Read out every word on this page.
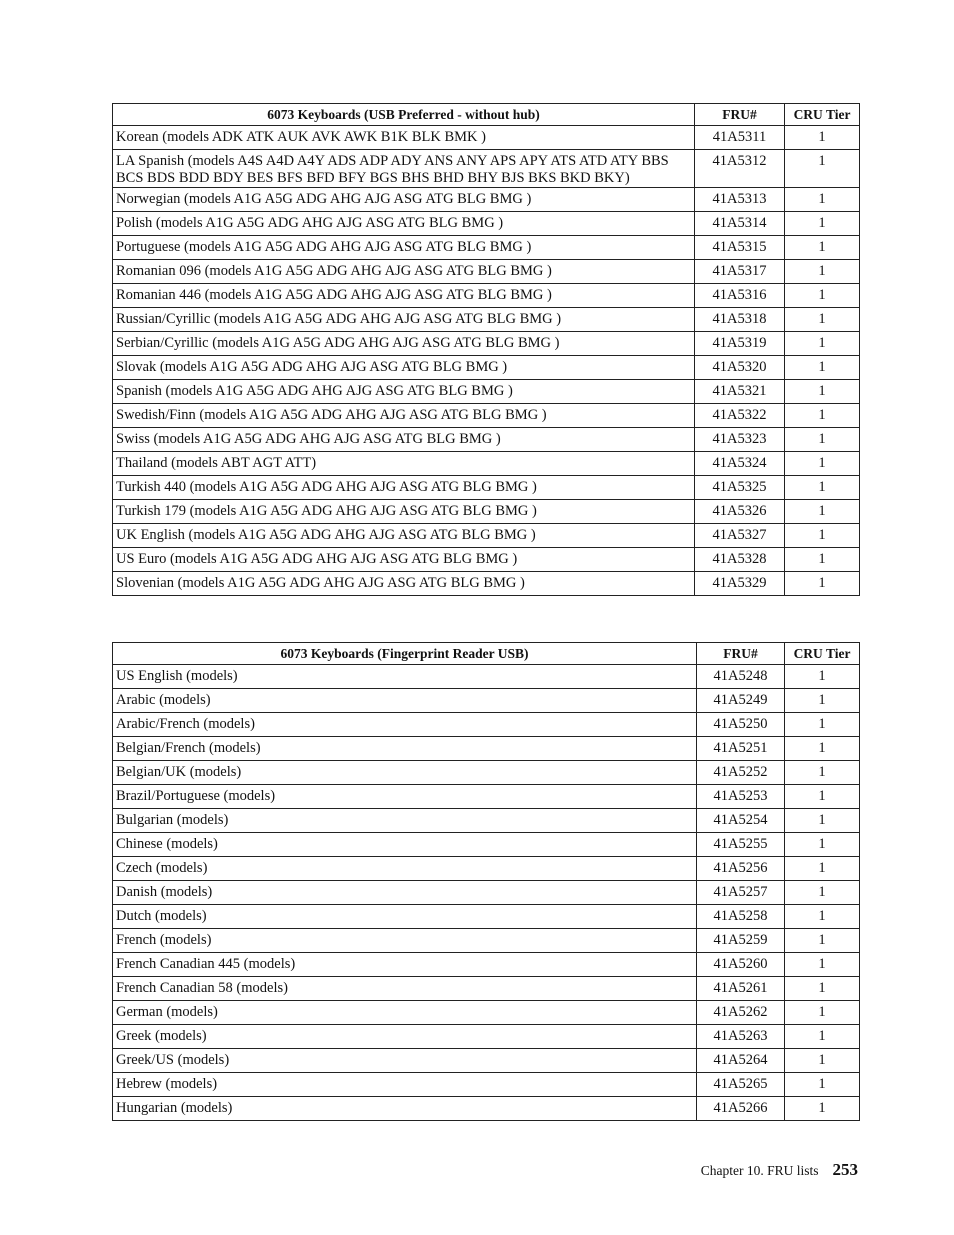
6073 Keyboards (USB Preferred - without hub)	FRU#	CRU Tier
Korean (models ADK ATK AUK AVK AWK B1K BLK BMK )	41A5311	1
LA Spanish (models A4S A4D A4Y ADS ADP ADY ANS ANY APS APY ATS ATD ATY BBS BCS BDS BDD BDY BES BFS BFD BFY BGS BHS BHD BHY BJS BKS BKD BKY)	41A5312	1
Norwegian (models A1G A5G ADG AHG AJG ASG ATG BLG BMG )	41A5313	1
Polish (models A1G A5G ADG AHG AJG ASG ATG BLG BMG )	41A5314	1
Portuguese (models A1G A5G ADG AHG AJG ASG ATG BLG BMG )	41A5315	1
Romanian 096 (models A1G A5G ADG AHG AJG ASG ATG BLG BMG )	41A5317	1
Romanian 446 (models A1G A5G ADG AHG AJG ASG ATG BLG BMG )	41A5316	1
Russian/Cyrillic (models A1G A5G ADG AHG AJG ASG ATG BLG BMG )	41A5318	1
Serbian/Cyrillic (models A1G A5G ADG AHG AJG ASG ATG BLG BMG )	41A5319	1
Slovak (models A1G A5G ADG AHG AJG ASG ATG BLG BMG )	41A5320	1
Spanish (models A1G A5G ADG AHG AJG ASG ATG BLG BMG )	41A5321	1
Swedish/Finn (models A1G A5G ADG AHG AJG ASG ATG BLG BMG )	41A5322	1
Swiss (models A1G A5G ADG AHG AJG ASG ATG BLG BMG )	41A5323	1
Thailand (models ABT AGT ATT)	41A5324	1
Turkish 440 (models A1G A5G ADG AHG AJG ASG ATG BLG BMG )	41A5325	1
Turkish 179 (models A1G A5G ADG AHG AJG ASG ATG BLG BMG )	41A5326	1
UK English (models A1G A5G ADG AHG AJG ASG ATG BLG BMG )	41A5327	1
US Euro (models A1G A5G ADG AHG AJG ASG ATG BLG BMG )	41A5328	1
Slovenian (models A1G A5G ADG AHG AJG ASG ATG BLG BMG )	41A5329	1
6073 Keyboards (Fingerprint Reader USB)	FRU#	CRU Tier
US English (models)	41A5248	1
Arabic (models)	41A5249	1
Arabic/French (models)	41A5250	1
Belgian/French (models)	41A5251	1
Belgian/UK (models)	41A5252	1
Brazil/Portuguese (models)	41A5253	1
Bulgarian (models)	41A5254	1
Chinese (models)	41A5255	1
Czech (models)	41A5256	1
Danish (models)	41A5257	1
Dutch (models)	41A5258	1
French (models)	41A5259	1
French Canadian 445 (models)	41A5260	1
French Canadian 58 (models)	41A5261	1
German (models)	41A5262	1
Greek (models)	41A5263	1
Greek/US (models)	41A5264	1
Hebrew (models)	41A5265	1
Hungarian (models)	41A5266	1
Chapter 10. FRU lists 253
